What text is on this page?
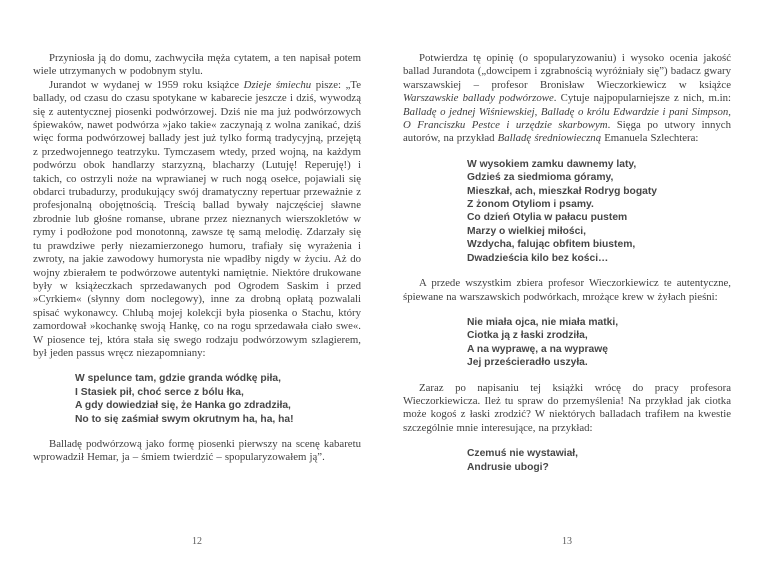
Przyniosła ją do domu, zachwyciła męża cytatem, a ten napisał potem wiele utrzymanych w podobnym stylu.

Jurandot w wydanej w 1959 roku książce Dzieje śmiechu pisze: „Te ballady, od czasu do czasu spotykane w kabarecie jeszcze i dziś, wywodzą się z autentycznej piosenki podwórzowej. Dziś nie ma już podwórzowych śpiewaków, nawet podwórza »jako takie« zaczynają z wolna zanikać, dziś więc forma podwórzowej ballady jest już tylko formą tradycyjną, przejętą z przedwojennego teatrzyku. Tymczasem wtedy, przed wojną, na każdym podwórzu obok handlarzy starzyzną, blacharzy (Lutuję! Reperuję!) i takich, co ostrzyli noże na wprawianej w ruch nogą osełce, pojawiali się obdarci trubadurzy, produkujący swój dramatyczny repertuar przeważnie z profesjonalną obojętnością. Treścią ballad bywały najczęściej sławne zbrodnie lub głośne romanse, ubrane przez nieznanych wierszokletów w rymy i podłożone pod monotonną, zawsze tę samą melodię. Zdarzały się tu prawdziwe perły niezamierzonego humoru, trafiały się wyrażenia i zwroty, na jakie zawodowy humorysta nie wpadłby nigdy w życiu. Aż do wojny zbierałem te podwórzowe autentyki namiętnie. Niektóre drukowane były w książeczkach sprzedawanych pod Ogrodem Saskim i przed »Cyrkiem« (słynny dom noclegowy), inne za drobną opłatą pozwalali spisać wykonawcy. Chlubą mojej kolekcji była piosenka o Stachu, który zamordował »kochankę swoją Hankę, co na rogu sprzedawała ciało swe«. W piosence tej, która stała się swego rodzaju podwórzowym szlagierem, był jeden passus wręcz niezapomniany:

W spelunce tam, gdzie granda wódkę piła,
I Stasiek pił, choć serce z bólu łka,
A gdy dowiedział się, że Hanka go zdradziła,
No to się zaśmiał swym okrutnym ha, ha, ha!

Balladę podwórzową jako formę piosenki pierwszy na scenę kabaretu wprowadził Hemar, ja – śmiem twierdzić – spopularyzowałem ją”.

Potwierdza tę opinię (o spopularyzowaniu) i wysoko ocenia jakość ballad Jurandota („dowcipem i zgrabnością wyróżniały się”) badacz gwary warszawskiej – profesor Bronisław Wieczorkiewicz w książce Warszawskie ballady podwórzowe. Cytuje najpopularniejsze z nich, m.in: Balladę o jednej Wiśniewskiej, Balladę o królu Edwardzie i pani Simpson, O Franciszku Pestce i urzędzie skarbowym. Sięga po utwory innych autorów, na przykład Balladę średniowieczną Emanuela Szlechtera:

W wysokiem zamku dawnemy laty,
Gdzieś za siedmioma góramy,
Mieszkał, ach, mieszkał Rodryg bogaty
Z żonom Otyliom i psamy.
Co dzień Otylia w pałacu pustem
Marzy o wielkiej miłości,
Wzdycha, falując obfitem biustem,
Dwadzieścia kilo bez kości…

A przede wszystkim zbiera profesor Wieczorkiewicz te autentyczne, śpiewane na warszawskich podwórkach, mrożące krew w żyłach pieśni:

Nie miała ojca, nie miała matki,
Ciotka ją z łaski zrodziła,
A na wyprawę, a na wyprawę
Jej prześcieradło uszyła.

Zaraz po napisaniu tej książki wrócę do pracy profesora Wieczorkiewicza. Ileż tu spraw do przemyślenia! Na przykład jak ciotka może kogoś z łaski zrodzić? W niektórych balladach trafiłem na kwestie szczególnie mnie interesujące, na przykład:

Czemuś nie wystawiał,
Andrusie ubogi?
12	13
